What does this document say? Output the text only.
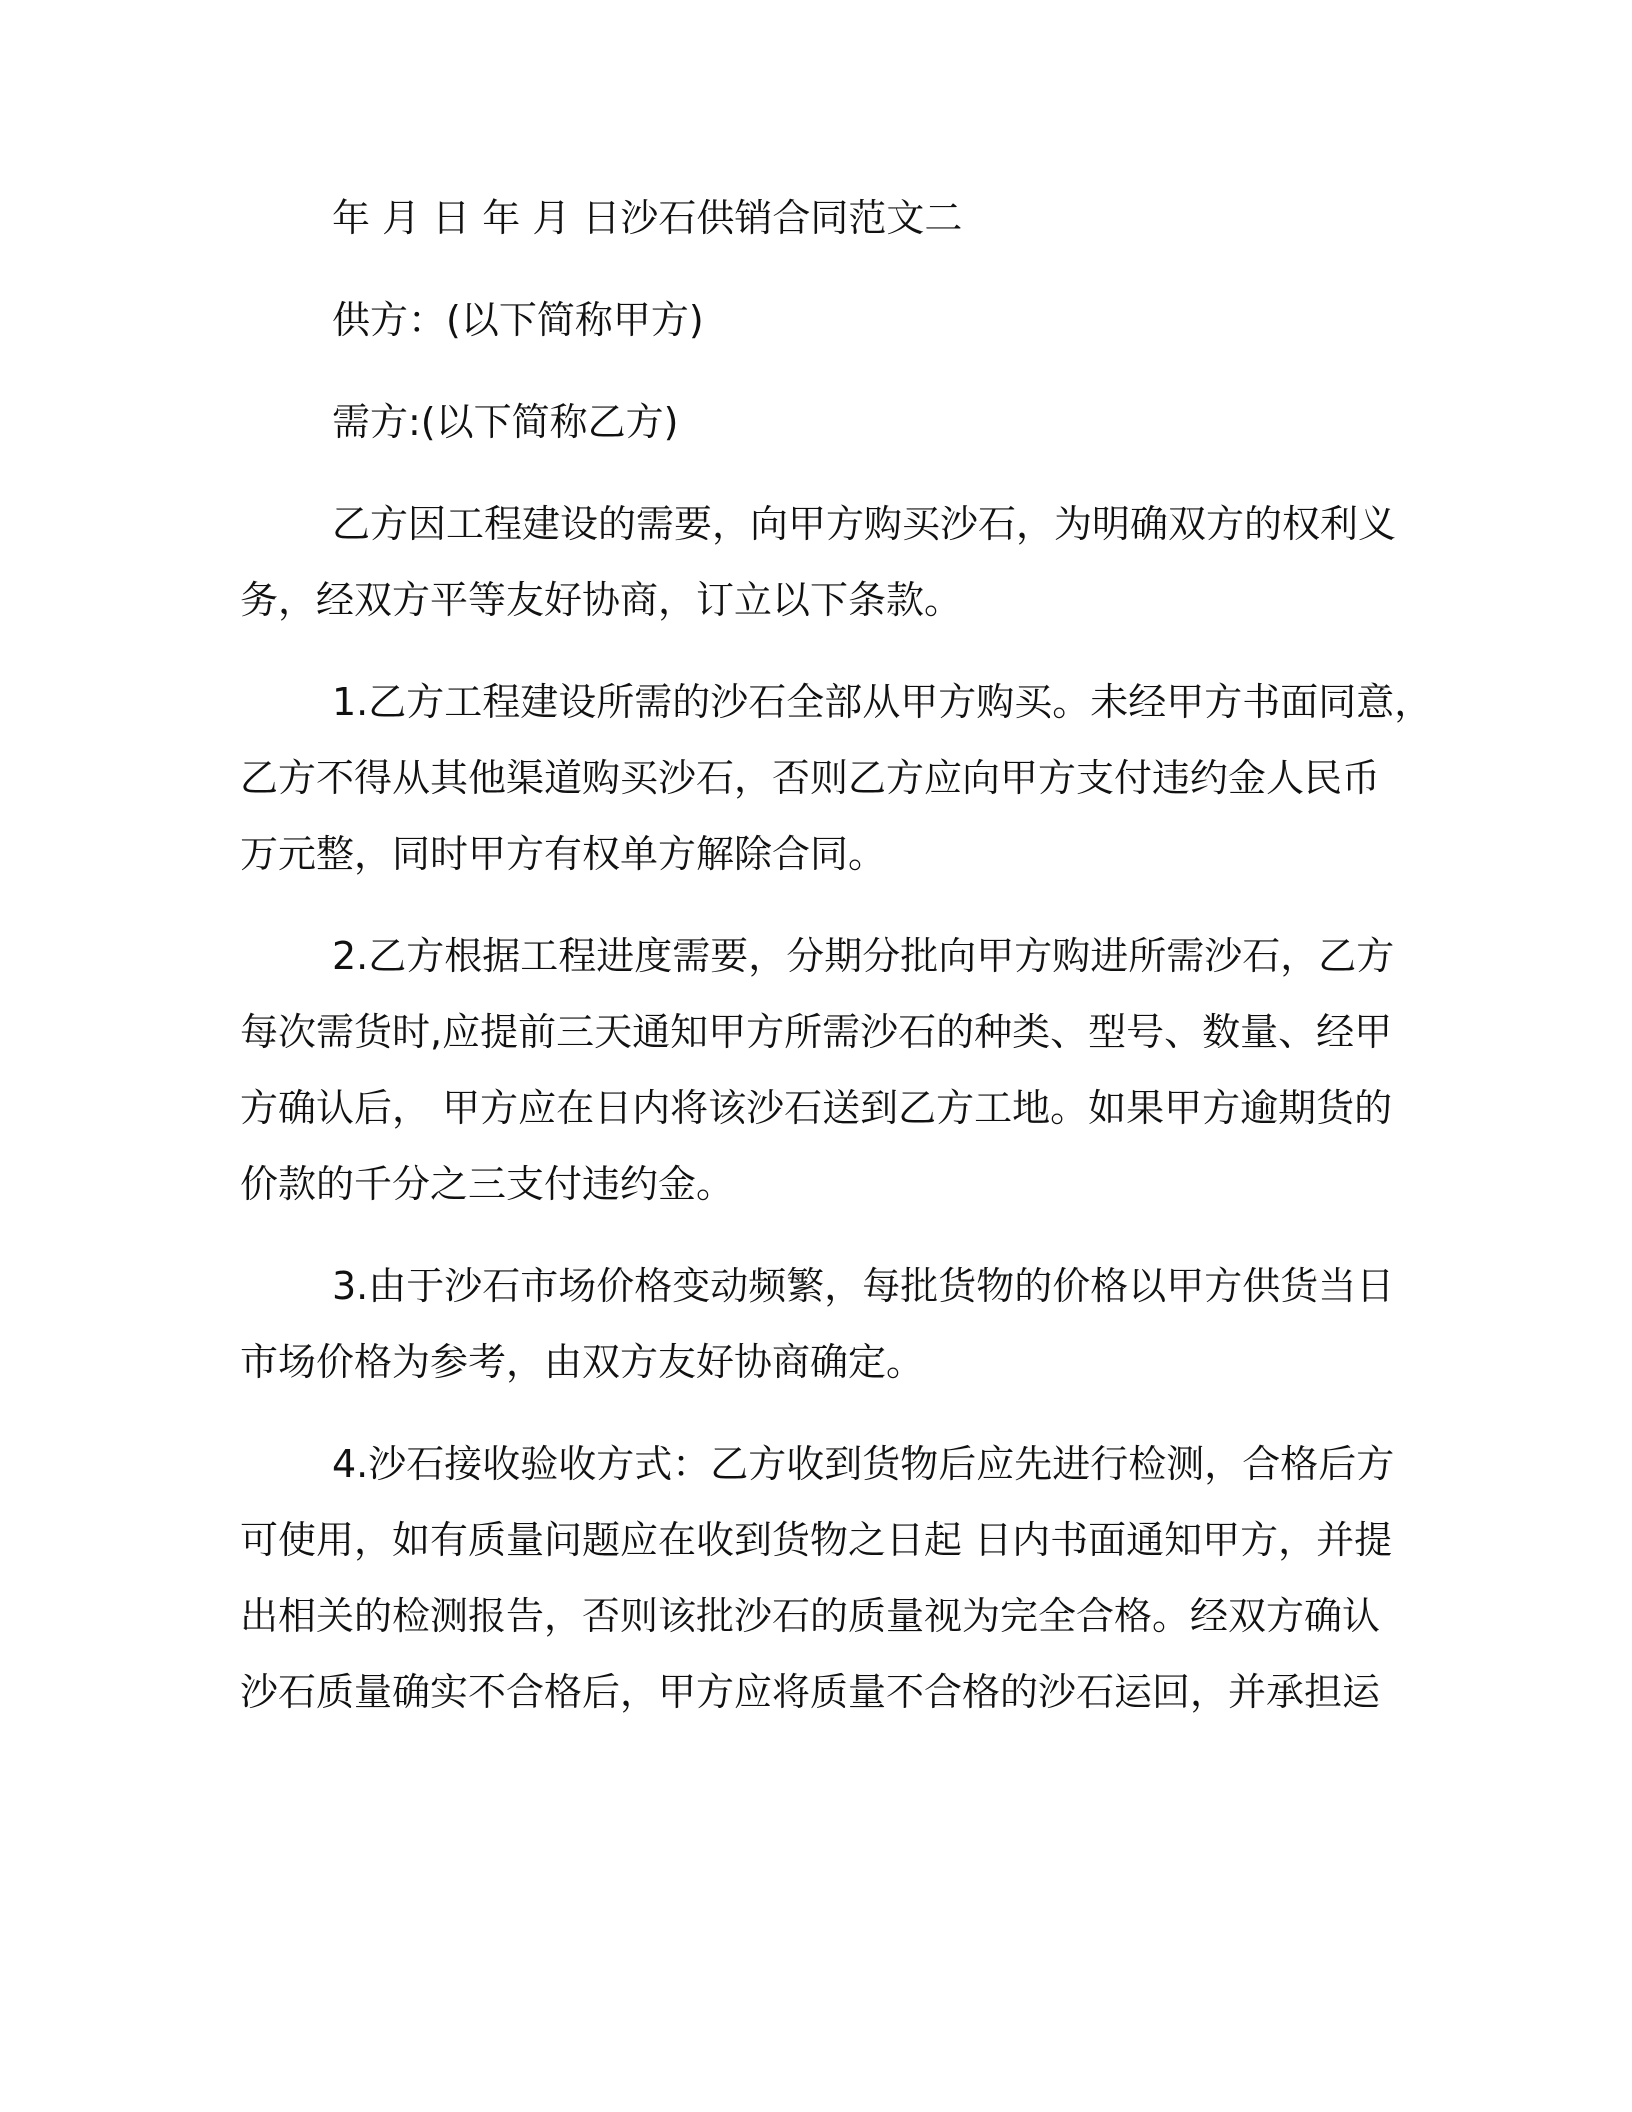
年 月 日 年 月 日沙石供销合同范文二

供方：(以下简称甲方)

需方:(以下简称乙方)

乙方因工程建设的需要，向甲方购买沙石，为明确双方的权利义

务，经双方平等友好协商，订立以下条款。

1.乙方工程建设所需的沙石全部从甲方购买。未经甲方书面同意，

乙方不得从其他渠道购买沙石，否则乙方应向甲方支付违约金人民币

万元整，同时甲方有权单方解除合同。

2.乙方根据工程进度需要，分期分批向甲方购进所需沙石，乙方

每次需货时,应提前三天通知甲方所需沙石的种类、型号、数量、经甲

方确认后， 甲方应在日内将该沙石送到乙方工地。如果甲方逾期货的

价款的千分之三支付违约金。

3.由于沙石市场价格变动频繁，每批货物的价格以甲方供货当日

市场价格为参考，由双方友好协商确定。

4.沙石接收验收方式：乙方收到货物后应先进行检测，合格后方

可使用，如有质量问题应在收到货物之日起 日内书面通知甲方，并提

出相关的检测报告，否则该批沙石的质量视为完全合格。经双方确认

沙石质量确实不合格后，甲方应将质量不合格的沙石运回，并承担运
